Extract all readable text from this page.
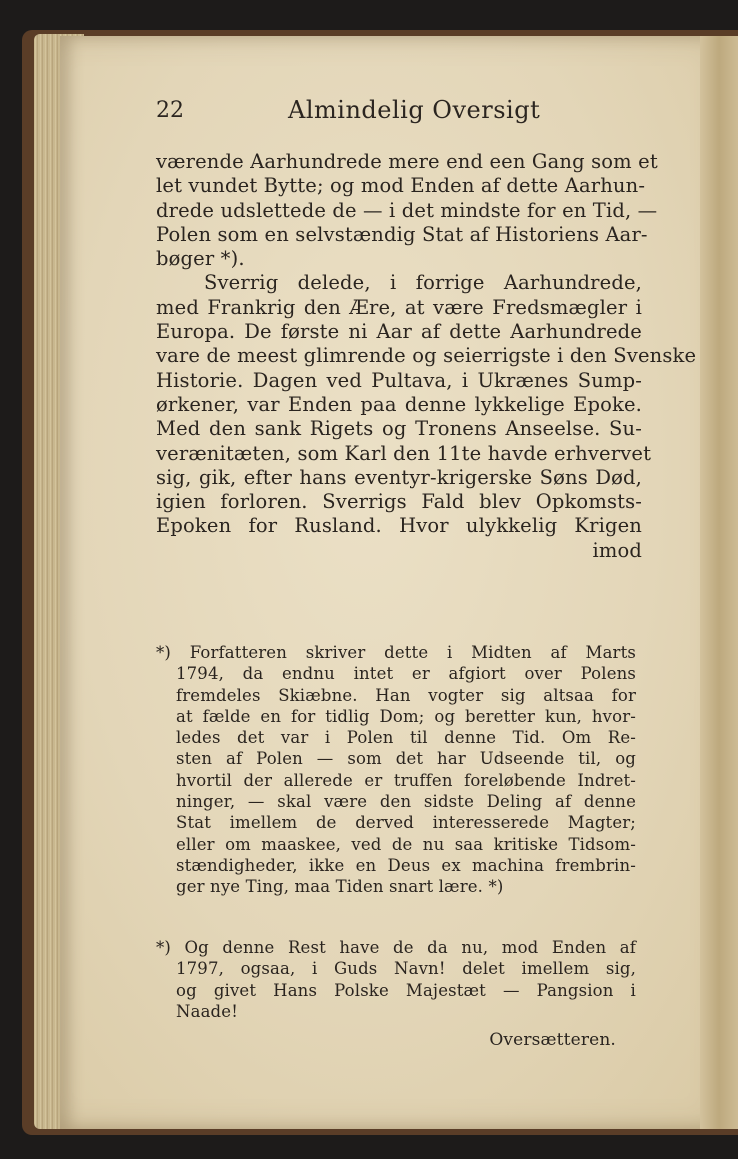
22	Almindelig Oversigt
værende Aarhundrede mere end een Gang som et
let vundet Bytte; og mod Enden af dette Aarhun-
drede udslettede de — i det mindste for en Tid, —
Polen som en selvstændig Stat af Historiens Aar-
bøger *).
Sverrig delede, i forrige Aarhundrede,
med Frankrig den Ære, at være Fredsmægler i
Europa. De første ni Aar af dette Aarhundrede
vare de meest glimrende og seierrigste i den Svenske
Historie. Dagen ved Pultava, i Ukrænes Sump-
ørkener, var Enden paa denne lykkelige Epoke.
Med den sank Rigets og Tronens Anseelse. Su-
verænitæten, som Karl den 11te havde erhvervet
sig, gik, efter hans eventyr-krigerske Søns Død,
igien forloren. Sverrigs Fald blev Opkomsts-
Epoken for Rusland. Hvor ulykkelig Krigen
imod
*) Forfatteren skriver dette i Midten af Marts
1794, da endnu intet er afgiort over Polens
fremdeles Skiæbne. Han vogter sig altsaa for
at fælde en for tidlig Dom; og beretter kun, hvor-
ledes det var i Polen til denne Tid. Om Re-
sten af Polen — som det har Udseende til, og
hvortil der allerede er truffen foreløbende Indret-
ninger, — skal være den sidste Deling af denne
Stat imellem de derved interesserede Magter;
eller om maaskee, ved de nu saa kritiske Tidsom-
stændigheder, ikke en Deus ex machina frembrin-
ger nye Ting, maa Tiden snart lære. *)
*) Og denne Rest have de da nu, mod Enden af
1797, ogsaa, i Guds Navn! delet imellem sig,
og givet Hans Polske Majestæt — Pangsion i
Naade!
Oversætteren.
